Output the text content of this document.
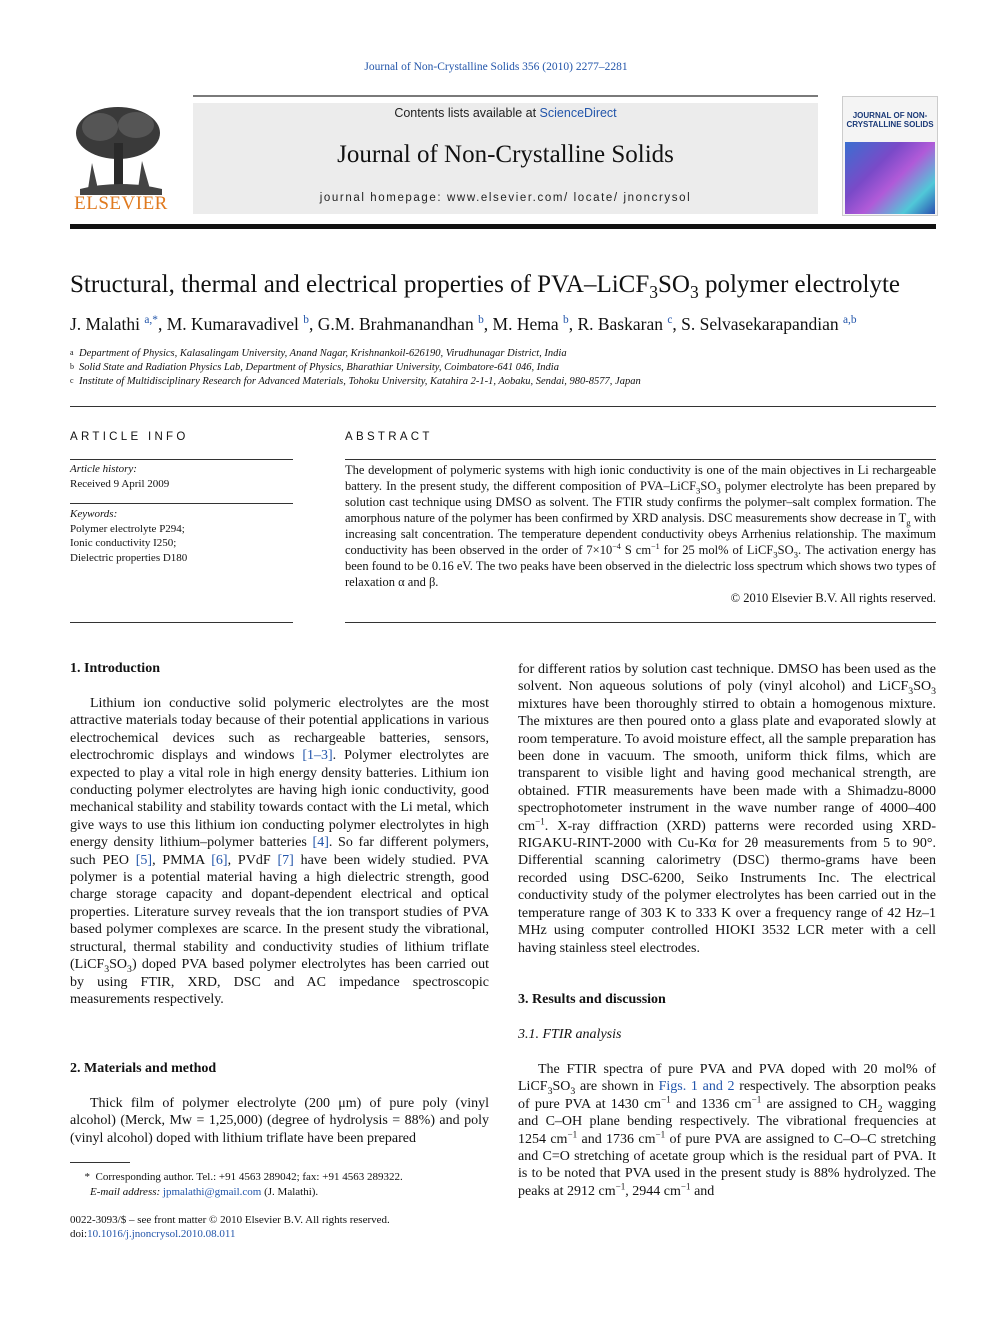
Journal of Non-Crystalline Solids 356 (2010) 2277–2281
ELSEVIER
Contents lists available at ScienceDirect
Journal of Non-Crystalline Solids
journal homepage: www.elsevier.com/ locate/ jnoncrysol
JOURNAL OF NON-CRYSTALLINE SOLIDS
Structural, thermal and electrical properties of PVA–$LiCF_3SO_3$ polymer electrolyte
J. Malathi $^{a,*}$, M. Kumaravadivel $^b$, G.M. Brahmanandhan $^b$, M. Hema $^b$, R. Baskaran $^c$, S. Selvasekarapandian $^{a,b}$
a Department of Physics, Kalasalingam University, Anand Nagar, Krishnankoil-626190, Virudhunagar District, India
b Solid State and Radiation Physics Lab, Department of Physics, Bharathiar University, Coimbatore-641 046, India
c Institute of Multidisciplinary Research for Advanced Materials, Tohoku University, Katahira 2-1-1, Aobaku, Sendai, 980-8577, Japan
ARTICLE INFO
Article history:
Received 9 April 2009
Keywords:
Polymer electrolyte P294;
Ionic conductivity I250;
Dielectric properties D180
ABSTRACT
The development of polymeric systems with high ionic conductivity is one of the main objectives in Li rechargeable battery. In the present study, the different composition of PVA–$LiCF_3SO_3$ polymer electrolyte has been prepared by solution cast technique using DMSO as solvent. The FTIR study confirms the polymer–salt complex formation. The amorphous nature of the polymer has been confirmed by XRD analysis. DSC measurements show decrease in $T_g$ with increasing salt concentration. The temperature dependent conductivity obeys Arrhenius relationship. The maximum conductivity has been observed in the order of $7\times 10^{-4}$ S $cm^{-1}$ for 25 mol% of $LiCF_3SO_3$. The activation energy has been found to be 0.16 eV. The two peaks have been observed in the dielectric loss spectrum which shows two types of relaxation α and β.
© 2010 Elsevier B.V. All rights reserved.
1. Introduction

Lithium ion conductive solid polymeric electrolytes are the most attractive materials today because of their potential applications in various electrochemical devices such as rechargeable batteries, sensors, electrochromic displays and windows [1–3]. Polymer electrolytes are expected to play a vital role in high energy density batteries. Lithium ion conducting polymer electrolytes are having high ionic conductivity, good mechanical stability and stability towards contact with the Li metal, which give ways to use this lithium ion conducting polymer electrolytes in high energy density lithium–polymer batteries [4]. So far different polymers, such PEO [5], PMMA [6], PVdF [7] have been widely studied. PVA polymer is a potential material having a high dielectric strength, good charge storage capacity and dopant-dependent electrical and optical properties. Literature survey reveals that the ion transport studies of PVA based polymer complexes are scarce. In the present study the vibrational, structural, thermal stability and conductivity studies of lithium triflate $(LiCF_3SO_3)$ doped PVA based polymer electrolytes has been carried out by using FTIR, XRD, DSC and AC impedance spectroscopic measurements respectively.

2. Materials and method

Thick film of polymer electrolyte (200 μm) of pure poly (vinyl alcohol) (Merck, Mw = 1,25,000) (degree of hydrolysis = 88%) and poly (vinyl alcohol) doped with lithium triflate have been prepared

* Corresponding author. Tel.: +91 4563 289042; fax: +91 4563 289322.
E-mail address: jpmalathi@gmail.com (J. Malathi).
0022-3093/$ – see front matter © 2010 Elsevier B.V. All rights reserved.
doi:10.1016/j.jnoncrysol.2010.08.011

for different ratios by solution cast technique. DMSO has been used as the solvent. Non aqueous solutions of poly (vinyl alcohol) and $LiCF_3SO_3$ mixtures have been thoroughly stirred to obtain a homogenous mixture. The mixtures are then poured onto a glass plate and evaporated slowly at room temperature. To avoid moisture effect, all the sample preparation has been done in vacuum. The smooth, uniform thick films, which are transparent to visible light and having good mechanical strength, are obtained. FTIR measurements have been made with a Shimadzu-8000 spectrophotometer instrument in the wave number range of 4000–400 $cm^{-1}$. X-ray diffraction (XRD) patterns were recorded using XRD-RIGAKU-RINT-2000 with Cu-Kα for 2θ measurements from 5 to 90°. Differential scanning calorimetry (DSC) thermo-grams have been recorded using DSC-6200, Seiko Instruments Inc. The electrical conductivity study of the polymer electrolytes has been carried out in the temperature range of 303 K to 333 K over a frequency range of 42 Hz–1 MHz using computer controlled HIOKI 3532 LCR meter with a cell having stainless steel electrodes.

3. Results and discussion
3.1. FTIR analysis

The FTIR spectra of pure PVA and PVA doped with 20 mol% of $LiCF_3SO_3$ are shown in Figs. 1 and 2 respectively. The absorption peaks of pure PVA at 1430 $cm^{-1}$ and 1336 $cm^{-1}$ are assigned to $CH_2$ wagging and C–OH plane bending respectively. The vibrational frequencies at 1254 $cm^{-1}$ and 1736 $cm^{-1}$ of pure PVA are assigned to C–O–C stretching and C=O stretching of acetate group which is the residual part of PVA. It is to be noted that PVA used in the present study is 88% hydrolyzed. The peaks at 2912 $cm^{-1}$, 2944 $cm^{-1}$ and
